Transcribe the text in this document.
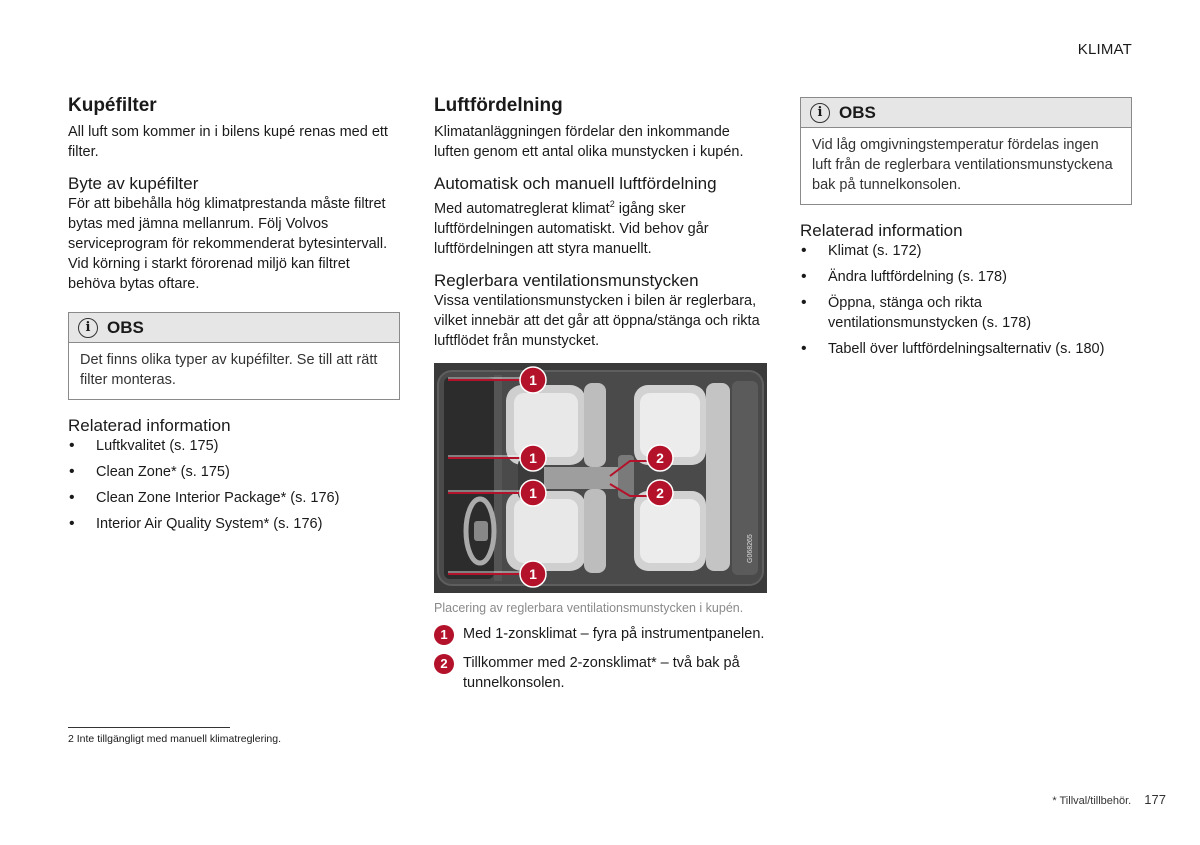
KLIMAT
Kupéfilter

All luft som kommer in i bilens kupé renas med ett filter.

Byte av kupéfilter

För att bibehålla hög klimatprestanda måste filtret bytas med jämna mellanrum. Följ Volvos serviceprogram för rekommenderat bytesintervall. Vid körning i starkt förorenad miljö kan filtret behöva bytas oftare.

i OBS
Det finns olika typer av kupéfilter. Se till att rätt filter monteras.
Relaterad information
• Luftkvalitet (s. 175)
• Clean Zone* (s. 175)
• Clean Zone Interior Package* (s. 176)
• Interior Air Quality System* (s. 176)
Luftfördelning

Klimatanläggningen fördelar den inkommande luften genom ett antal olika munstycken i kupén.

Automatisk och manuell luftfördelning

Med automatreglerat klimat$^2$ igång sker luftfördelningen automatiskt. Vid behov går luftfördelningen att styra manuellt.

Reglerbara ventilationsmunstycken

Vissa ventilationsmunstycken i bilen är reglerbara, vilket innebär att det går att öppna/stänga och rikta luftflödet från munstycket.

1
1
1
1
2
2
G068265
Placering av reglerbara ventilationsmunstycken i kupén.
1	Med 1-zonsklimat – fyra på instrumentpanelen.
2	Tillkommer med 2-zonsklimat* – två bak på tunnelkonsolen.
i OBS
Vid låg omgivningstemperatur fördelas ingen luft från de reglerbara ventilationsmunstyckena bak på tunnelkonsolen.
Relaterad information
• Klimat (s. 172)
• Ändra luftfördelning (s. 178)
• Öppna, stänga och rikta ventilationsmunstycken (s. 178)
• Tabell över luftfördelningsalternativ (s. 180)
2 Inte tillgängligt med manuell klimatreglering.
* Tillval/tillbehör. 177
